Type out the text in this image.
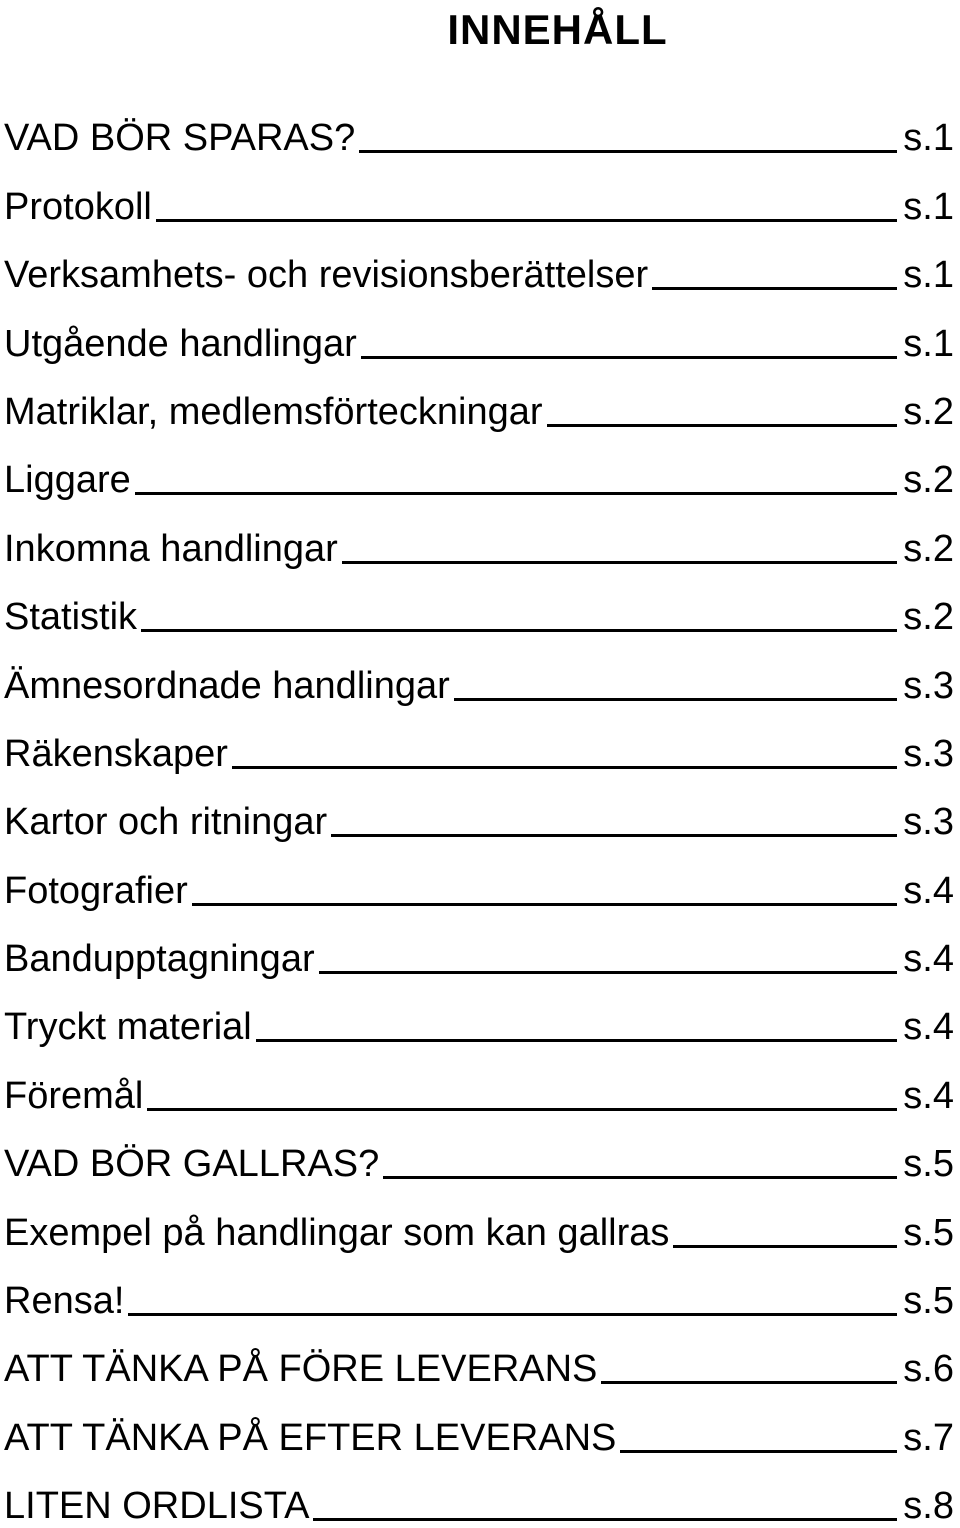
INNEHÅLL
VAD BÖR SPARAS?	s.1
Protokoll	s.1
Verksamhets- och revisionsberättelser	s.1
Utgående handlingar	s.1
Matriklar, medlemsförteckningar	s.2
Liggare	s.2
Inkomna handlingar	s.2
Statistik	s.2
Ämnesordnade handlingar	s.3
Räkenskaper	s.3
Kartor och ritningar	s.3
Fotografier	s.4
Bandupptagningar	s.4
Tryckt material	s.4
Föremål	s.4
VAD BÖR GALLRAS?	s.5
Exempel på handlingar som kan gallras	s.5
Rensa!	s.5
ATT TÄNKA PÅ FÖRE LEVERANS	s.6
ATT TÄNKA PÅ EFTER LEVERANS	s.7
LITEN ORDLISTA	s.8
